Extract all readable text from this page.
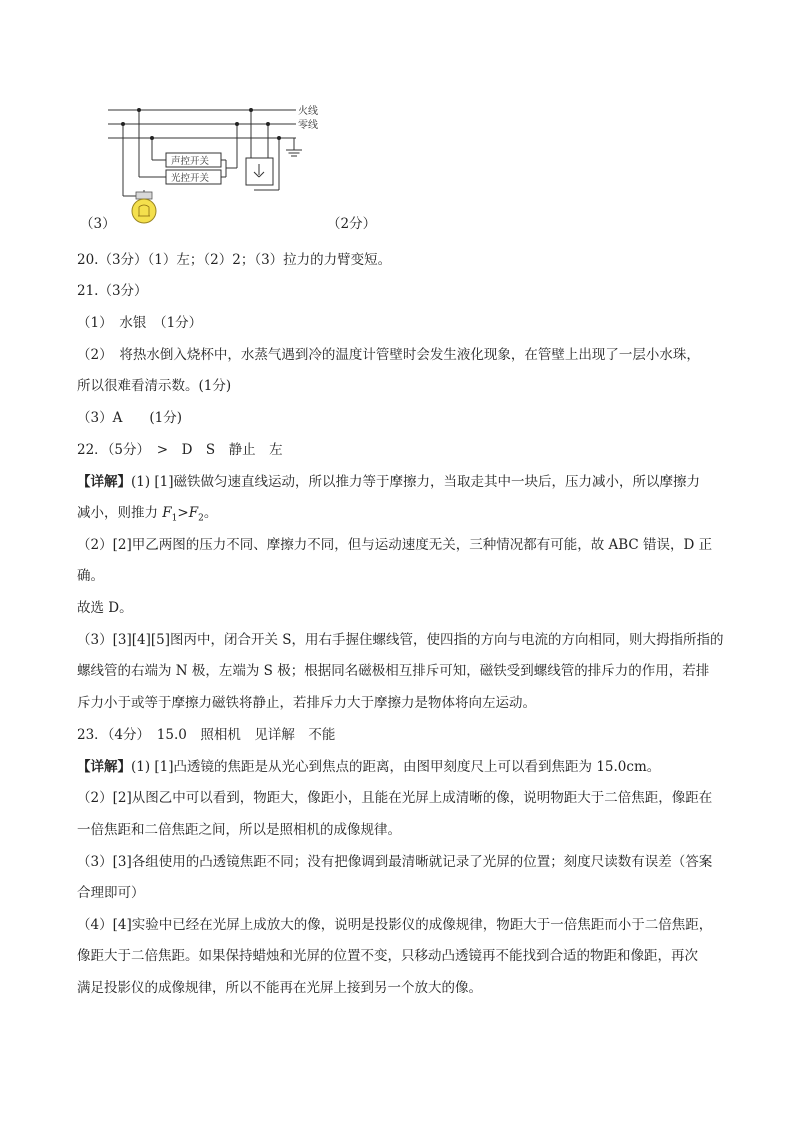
火线
零线
声控开关
光控开关
（3）	（2分）
20.（3分）（1）左；（2）2；（3）拉力的力臂变短。
21.（3分）
（1）　水银　（1分）
（2）　将热水倒入烧杯中，水蒸气遇到冷的温度计管壁时会发生液化现象，在管壁上出现了一层小水珠，
所以很难看清示数。(1分)
（3）A　　(1分)
22．（5分）　>　D　S　静止　左
【详解】(1) [1]磁铁做匀速直线运动，所以推力等于摩擦力，当取走其中一块后，压力减小，所以摩擦力
减小，则推力 $F_1>F_2$。
（2）[2]甲乙两图的压力不同、摩擦力不同，但与运动速度无关，三种情况都有可能，故 ABC 错误，D 正
确。
故选 D。
（3）[3][4][5]图丙中，闭合开关 S，用右手握住螺线管，使四指的方向与电流的方向相同，则大拇指所指的
螺线管的右端为 N 极，左端为 S 极；根据同名磁极相互排斥可知，磁铁受到螺线管的排斥力的作用，若排
斥力小于或等于摩擦力磁铁将静止，若排斥力大于摩擦力是物体将向左运动。
23．（4分）　15.0　照相机　见详解　不能
【详解】(1) [1]凸透镜的焦距是从光心到焦点的距离，由图甲刻度尺上可以看到焦距为 15.0cm。
（2）[2]从图乙中可以看到，物距大，像距小，且能在光屏上成清晰的像，说明物距大于二倍焦距，像距在
一倍焦距和二倍焦距之间，所以是照相机的成像规律。
（3）[3]各组使用的凸透镜焦距不同；没有把像调到最清晰就记录了光屏的位置；刻度尺读数有误差（答案
合理即可）
（4）[4]实验中已经在光屏上成放大的像，说明是投影仪的成像规律，物距大于一倍焦距而小于二倍焦距，
像距大于二倍焦距。如果保持蜡烛和光屏的位置不变，只移动凸透镜再不能找到合适的物距和像距，再次
满足投影仪的成像规律，所以不能再在光屏上接到另一个放大的像。
